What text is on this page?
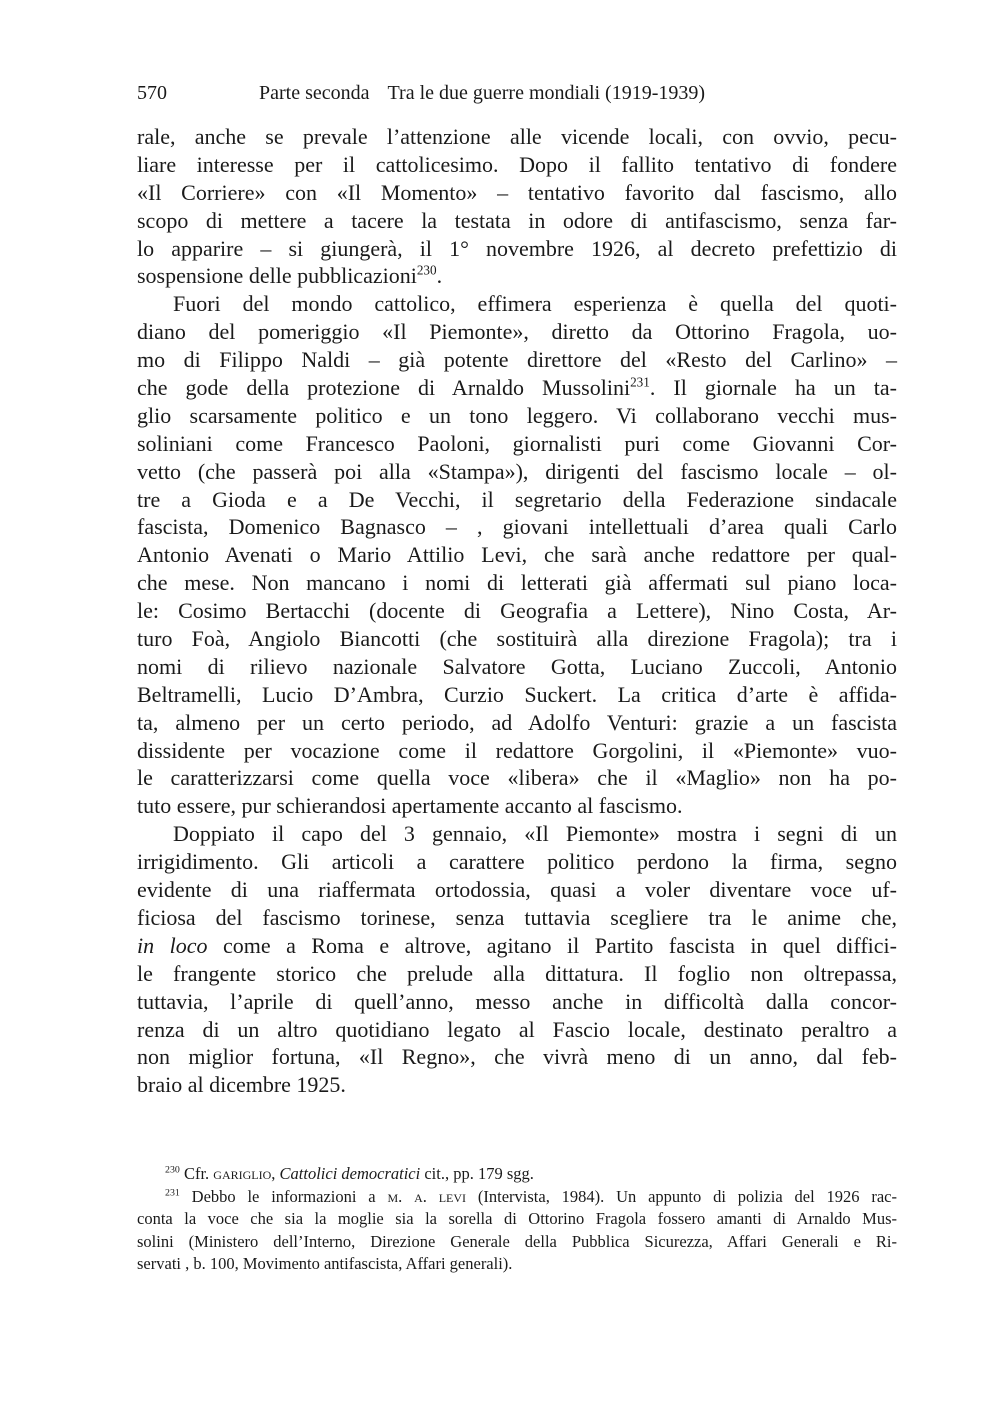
570	Parte seconda Tra le due guerre mondiali (1919-1939)
rale, anche se prevale l’attenzione alle vicende locali, con ovvio, pecu-
liare interesse per il cattolicesimo. Dopo il fallito tentativo di fondere
«Il Corriere» con «Il Momento» – tentativo favorito dal fascismo, allo
scopo di mettere a tacere la testata in odore di antifascismo, senza far-
lo apparire – si giungerà, il 1° novembre 1926, al decreto prefettizio di
sospensione delle pubblicazioni$^{230}$.
Fuori del mondo cattolico, effimera esperienza è quella del quoti-
diano del pomeriggio «Il Piemonte», diretto da Ottorino Fragola, uo-
mo di Filippo Naldi – già potente direttore del «Resto del Carlino» –
che gode della protezione di Arnaldo Mussolini$^{231}$. Il giornale ha un ta-
glio scarsamente politico e un tono leggero. Vi collaborano vecchi mus-
soliniani come Francesco Paoloni, giornalisti puri come Giovanni Cor-
vetto (che passerà poi alla «Stampa»), dirigenti del fascismo locale – ol-
tre a Gioda e a De Vecchi, il segretario della Federazione sindacale
fascista, Domenico Bagnasco – , giovani intellettuali d’area quali Carlo
Antonio Avenati o Mario Attilio Levi, che sarà anche redattore per qual-
che mese. Non mancano i nomi di letterati già affermati sul piano loca-
le: Cosimo Bertacchi (docente di Geografia a Lettere), Nino Costa, Ar-
turo Foà, Angiolo Biancotti (che sostituirà alla direzione Fragola); tra i
nomi di rilievo nazionale Salvatore Gotta, Luciano Zuccoli, Antonio
Beltramelli, Lucio D’Ambra, Curzio Suckert. La critica d’arte è affida-
ta, almeno per un certo periodo, ad Adolfo Venturi: grazie a un fascista
dissidente per vocazione come il redattore Gorgolini, il «Piemonte» vuo-
le caratterizzarsi come quella voce «libera» che il «Maglio» non ha po-
tuto essere, pur schierandosi apertamente accanto al fascismo.
Doppiato il capo del 3 gennaio, «Il Piemonte» mostra i segni di un
irrigidimento. Gli articoli a carattere politico perdono la firma, segno
evidente di una riaffermata ortodossia, quasi a voler diventare voce uf-
ficiosa del fascismo torinese, senza tuttavia scegliere tra le anime che,
in loco come a Roma e altrove, agitano il Partito fascista in quel diffici-
le frangente storico che prelude alla dittatura. Il foglio non oltrepassa,
tuttavia, l’aprile di quell’anno, messo anche in difficoltà dalla concor-
renza di un altro quotidiano legato al Fascio locale, destinato peraltro a
non miglior fortuna, «Il Regno», che vivrà meno di un anno, dal feb-
braio al dicembre 1925.
$^{230}$ Cfr. gariglio, Cattolici democratici cit., pp. 179 sgg.
$^{231}$ Debbo le informazioni a m. a. levi (Intervista, 1984). Un appunto di polizia del 1926 rac-
conta la voce che sia la moglie sia la sorella di Ottorino Fragola fossero amanti di Arnaldo Mus-
solini (Ministero dell’Interno, Direzione Generale della Pubblica Sicurezza, Affari Generali e Ri-
servati , b. 100, Movimento antifascista, Affari generali).
